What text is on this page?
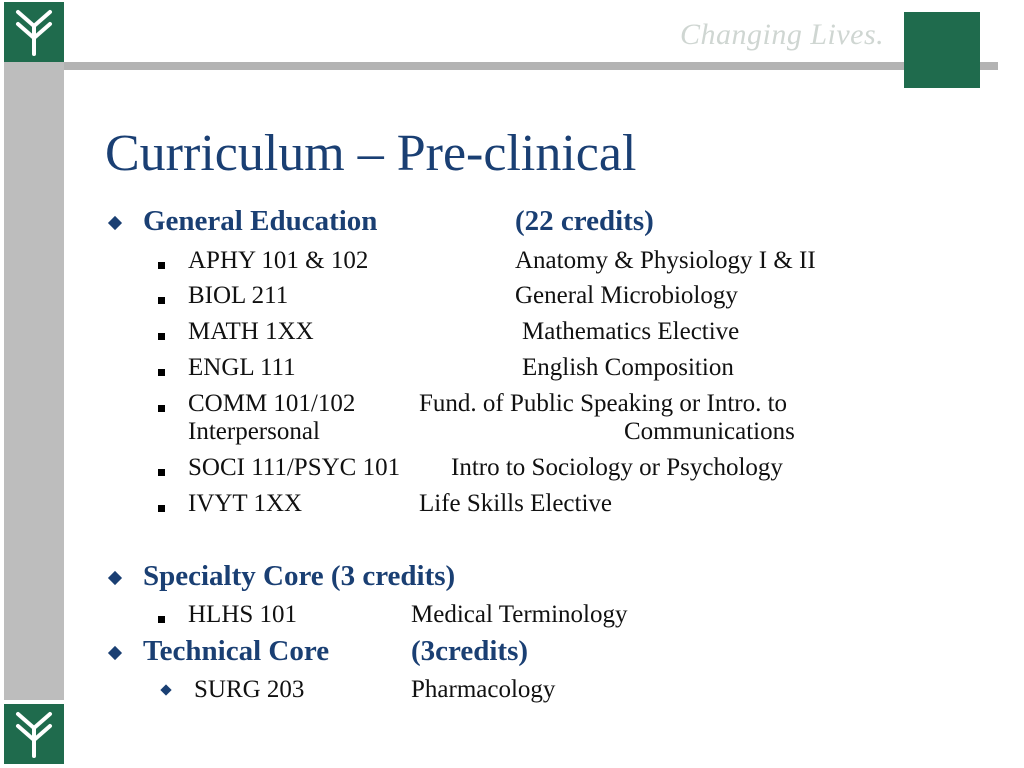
Changing Lives.
Curriculum – Pre-clinical
General Education	(22 credits)
APHY 101 & 102	Anatomy & Physiology I & II
BIOL 211	General Microbiology
MATH 1XX	Mathematics Elective
ENGL 111	English Composition
COMM 101/102	Fund. of Public Speaking or Intro. to
Interpersonal	Communications
SOCI 111/PSYC 101 Intro to Sociology or Psychology
IVYT 1XX	Life Skills Elective
Specialty Core (3 credits)
HLHS 101	Medical Terminology
Technical Core	(3credits)
SURG 203	Pharmacology
